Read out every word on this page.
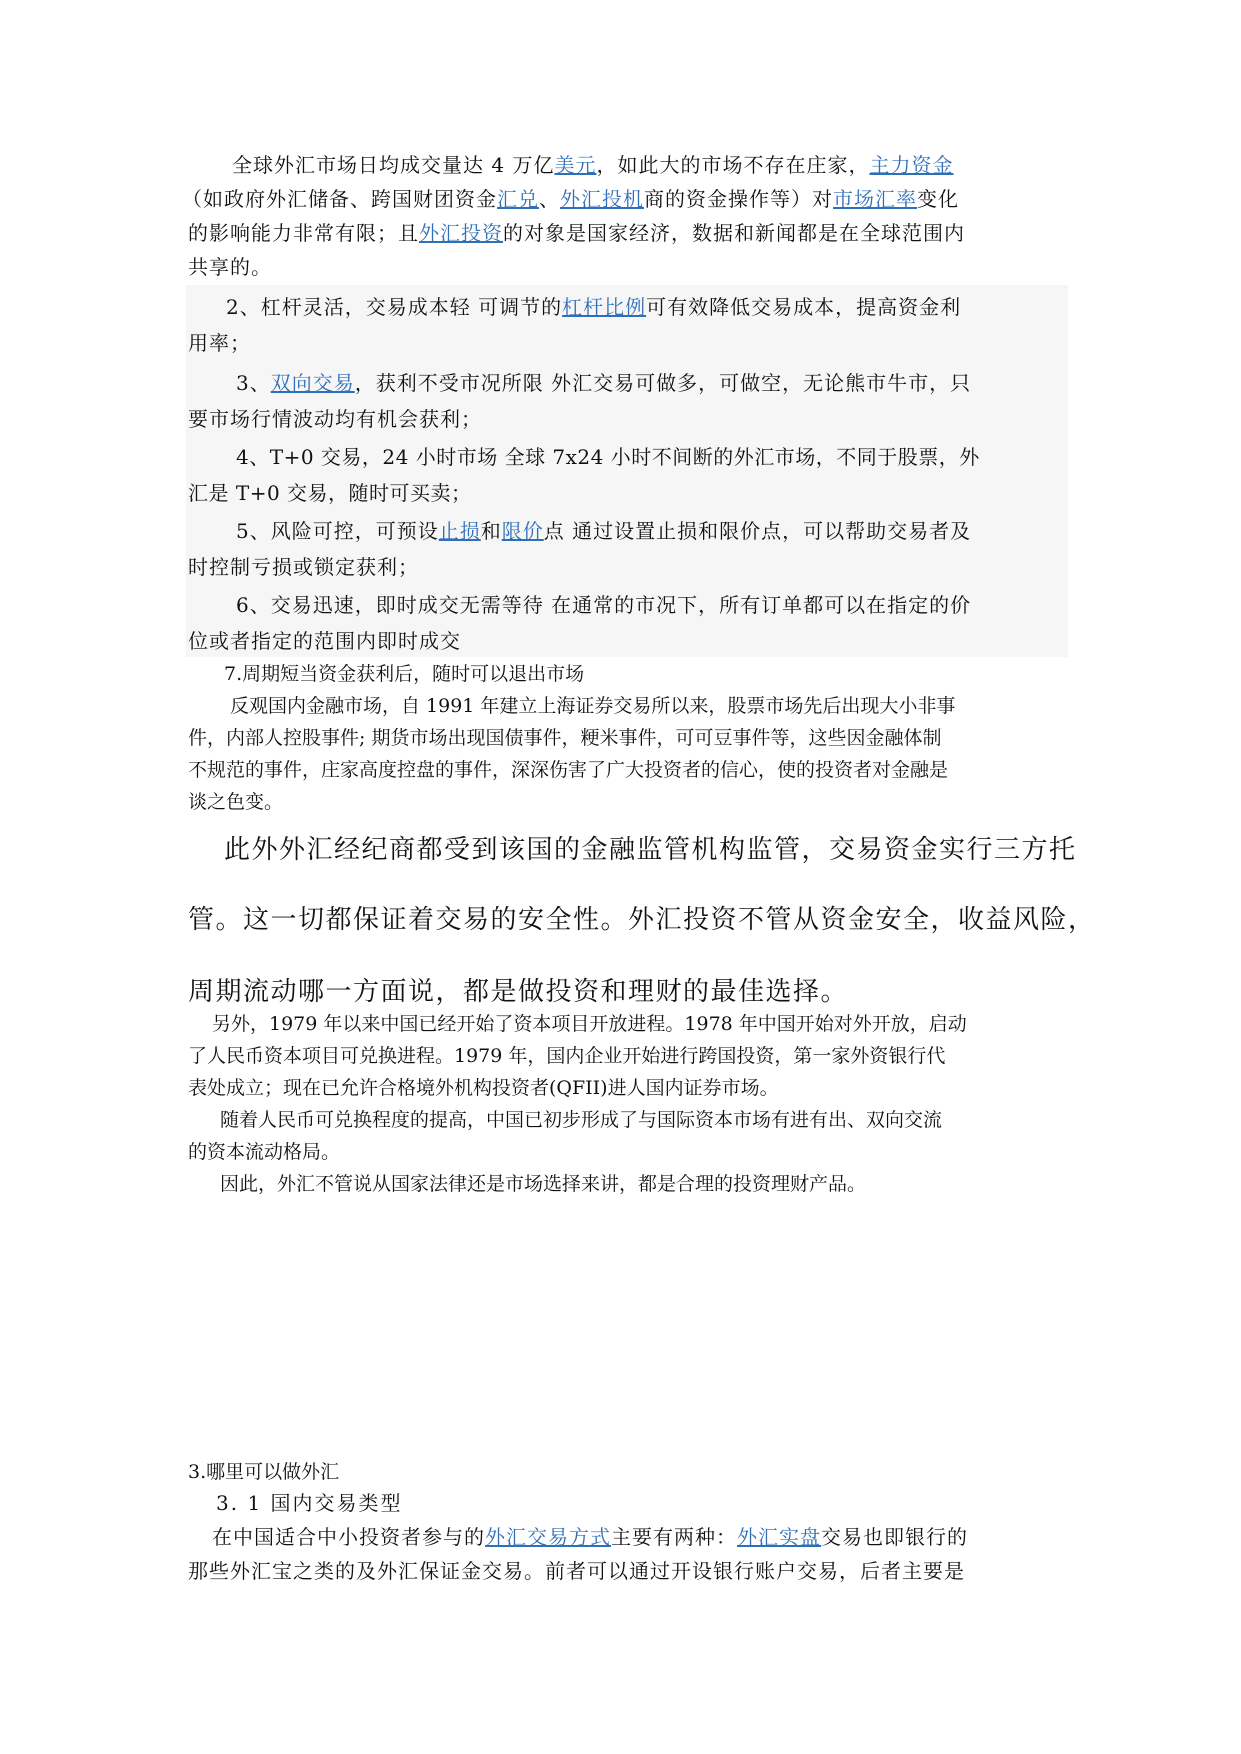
全球外汇市场日均成交量达 4 万亿美元，如此大的市场不存在庄家，主力资金
（如政府外汇储备、跨国财团资金汇兑、外汇投机商的资金操作等）对市场汇率变化
的影响能力非常有限；且外汇投资的对象是国家经济，数据和新闻都是在全球范围内
共享的。
2、杠杆灵活，交易成本轻 可调节的杠杆比例可有效降低交易成本，提高资金利
用率；
3、双向交易，获利不受市况所限 外汇交易可做多，可做空，无论熊市牛市，只
要市场行情波动均有机会获利；
4、T+0 交易，24 小时市场 全球 7x24 小时不间断的外汇市场，不同于股票，外
汇是 T+0 交易，随时可买卖；
5、风险可控，可预设止损和限价点 通过设置止损和限价点，可以帮助交易者及
时控制亏损或锁定获利；
6、交易迅速，即时成交无需等待 在通常的市况下，所有订单都可以在指定的价
位或者指定的范围内即时成交
7.周期短当资金获利后，随时可以退出市场
反观国内金融市场，自 1991 年建立上海证券交易所以来，股票市场先后出现大小非事
件，内部人控股事件; 期货市场出现国债事件，粳米事件，可可豆事件等，这些因金融体制
不规范的事件，庄家高度控盘的事件，深深伤害了广大投资者的信心，使的投资者对金融是
谈之色变。
此外外汇经纪商都受到该国的金融监管机构监管，交易资金实行三方托
管。这一切都保证着交易的安全性。外汇投资不管从资金安全，收益风险，
周期流动哪一方面说，都是做投资和理财的最佳选择。
另外，1979 年以来中国已经开始了资本项目开放进程。1978 年中国开始对外开放，启动
了人民币资本项目可兑换进程。1979 年，国内企业开始进行跨国投资，第一家外资银行代
表处成立；现在已允许合格境外机构投资者(QFII)进人国内证券市场。
随着人民币可兑换程度的提高，中国已初步形成了与国际资本市场有进有出、双向交流
的资本流动格局。
因此，外汇不管说从国家法律还是市场选择来讲，都是合理的投资理财产品。
3.哪里可以做外汇
3. 1 国内交易类型
在中国适合中小投资者参与的外汇交易方式主要有两种：外汇实盘交易也即银行的
那些外汇宝之类的及外汇保证金交易。前者可以通过开设银行账户交易，后者主要是
